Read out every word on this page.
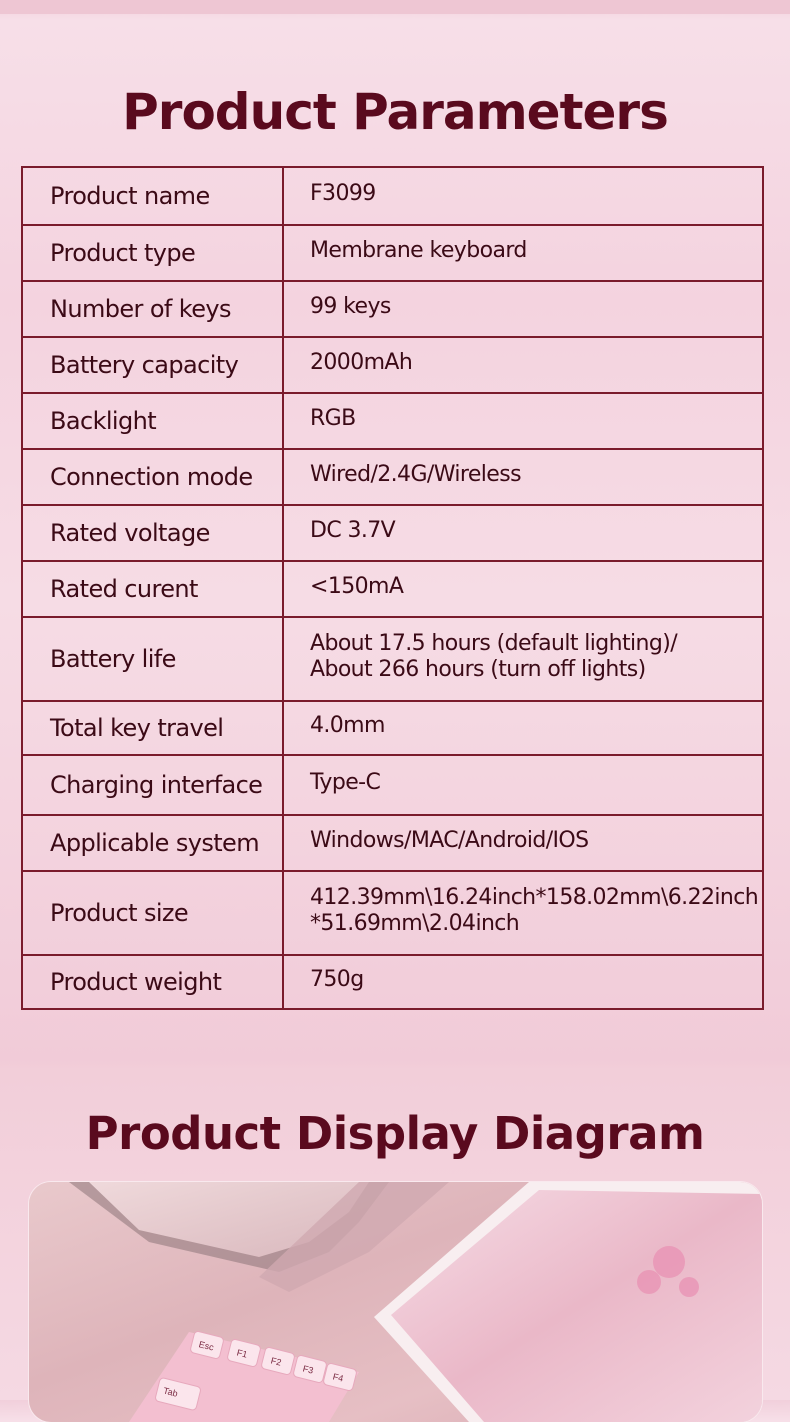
Product Parameters
Product name	F3099

Product type	Membrane keyboard

Number of keys	99 keys

Battery capacity	2000mAh

Backlight	RGB

Connection mode	Wired/2.4G/Wireless

Rated voltage	DC 3.7V

Rated curent	<150mA

Battery life	About 17.5 hours (default lighting)/
About 266 hours (turn off lights)

Total key travel	4.0mm

Charging interface	Type-C

Applicable system	Windows/MAC/Android/IOS

Product size	412.39mm\16.24inch*158.02mm\6.22inch
*51.69mm\2.04inch

Product weight	750g
Product Display Diagram
Esc
F1
F2
F3
F4
Tab
